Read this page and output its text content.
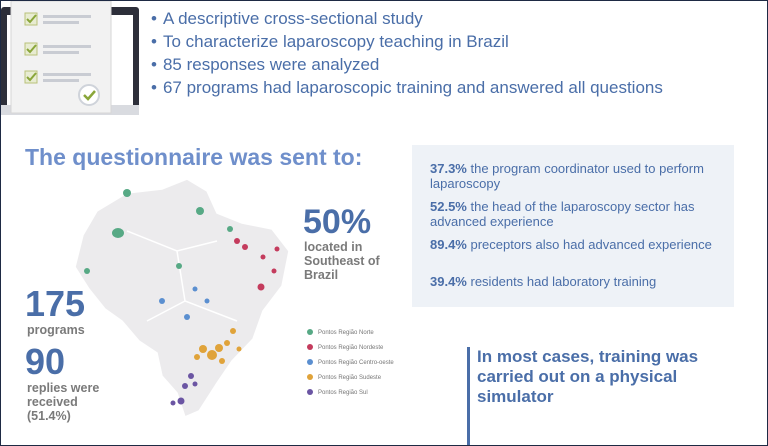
• A descriptive cross-sectional study
• To characterize laparoscopy teaching in Brazil
• 85 responses were analyzed
• 67 programs had laparoscopic training and answered all questions
The questionnaire was sent to:
50%
located in Southeast of Brazil
175
programs
90
replies were received (51.4%)
Pontos Região Norte
Pontos Região Nordeste
Pontos Região Centro-oeste
Pontos Região Sudeste
Pontos Região Sul
37.3% the program coordinator used to perform laparoscopy
52.5% the head of the laparoscopy sector has advanced experience
89.4% preceptors also had advanced experience
39.4% residents had laboratory training
In most cases, training was carried out on a physical simulator
